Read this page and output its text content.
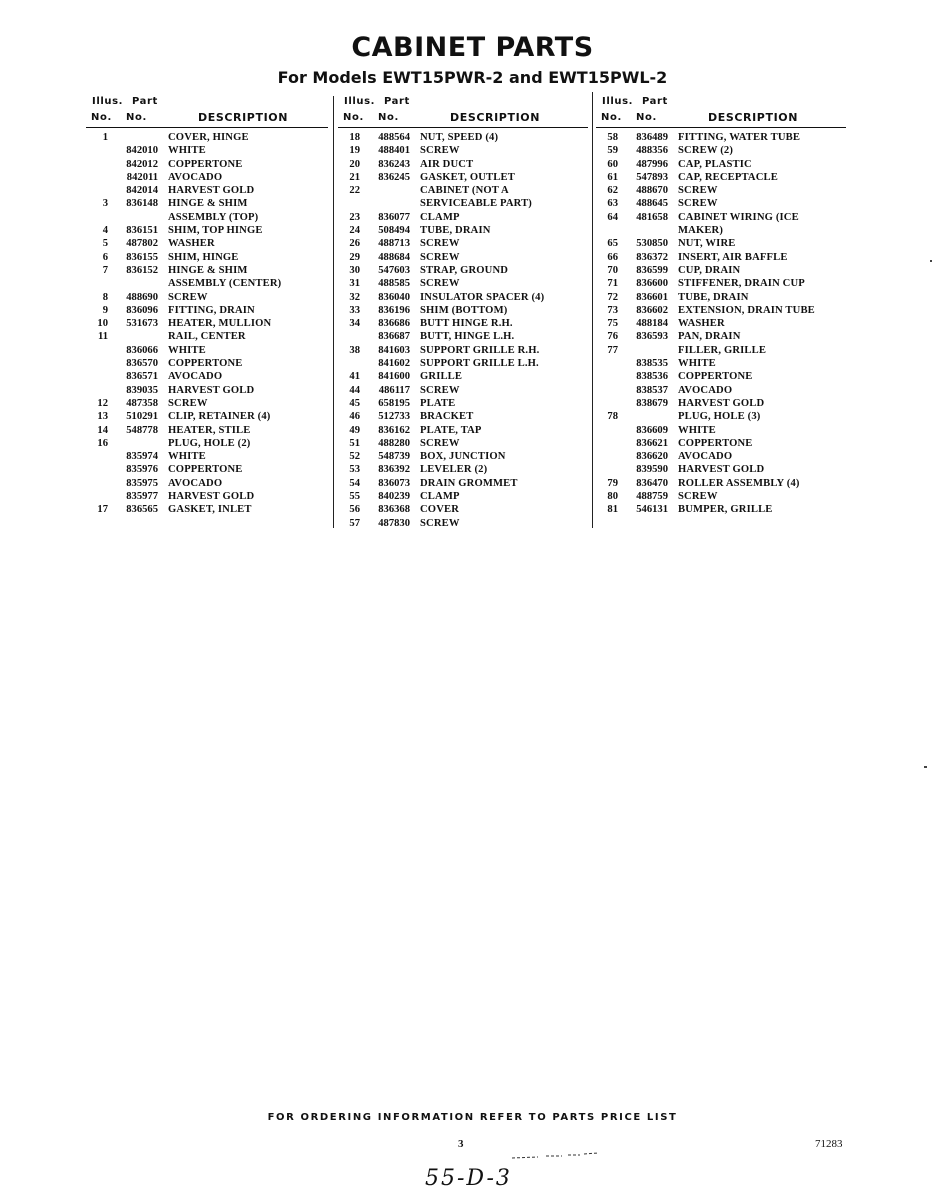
CABINET PARTS
For Models EWT15PWR-2 and EWT15PWL-2
Illus. Part
No. No.	DESCRIPTION
1	COVER, HINGE
842010 WHITE
842012 COPPERTONE
842011 AVOCADO
842014 HARVEST GOLD
3	836148 HINGE & SHIM
ASSEMBLY (TOP)
4	836151 SHIM, TOP HINGE
5	487802 WASHER
6	836155 SHIM, HINGE
7	836152 HINGE & SHIM
ASSEMBLY (CENTER)
8	488690 SCREW
9	836096 FITTING, DRAIN
10	531673 HEATER, MULLION
11	RAIL, CENTER
836066 WHITE
836570 COPPERTONE
836571 AVOCADO
839035 HARVEST GOLD
12	487358 SCREW
13	510291 CLIP, RETAINER (4)
14	548778 HEATER, STILE
16	PLUG, HOLE (2)
835974 WHITE
835976 COPPERTONE
835975 AVOCADO
835977 HARVEST GOLD
17	836565 GASKET, INLET
Illus. Part
No. No.	DESCRIPTION
18	488564 NUT, SPEED (4)
19	488401 SCREW
20	836243 AIR DUCT
21	836245 GASKET, OUTLET
22	CABINET (NOT A
SERVICEABLE PART)
23	836077 CLAMP
24	508494 TUBE, DRAIN
26	488713 SCREW
29	488684 SCREW
30	547603 STRAP, GROUND
31	488585 SCREW
32	836040 INSULATOR SPACER (4)
33	836196 SHIM (BOTTOM)
34	836686 BUTT HINGE R.H.
836687 BUTT, HINGE L.H.
38	841603 SUPPORT GRILLE R.H.
841602 SUPPORT GRILLE L.H.
41	841600 GRILLE
44	486117 SCREW
45	658195 PLATE
46	512733 BRACKET
49	836162 PLATE, TAP
51	488280 SCREW
52	548739 BOX, JUNCTION
53	836392 LEVELER (2)
54	836073 DRAIN GROMMET
55	840239 CLAMP
56	836368 COVER
57	487830 SCREW
Illus. Part
No. No.	DESCRIPTION
58	836489 FITTING, WATER TUBE
59	488356 SCREW (2)
60	487996 CAP, PLASTIC
61	547893 CAP, RECEPTACLE
62	488670 SCREW
63	488645 SCREW
64	481658 CABINET WIRING (ICE
MAKER)
65	530850 NUT, WIRE
66	836372 INSERT, AIR BAFFLE
70	836599 CUP, DRAIN
71	836600 STIFFENER, DRAIN CUP
72	836601 TUBE, DRAIN
73	836602 EXTENSION, DRAIN TUBE
75	488184 WASHER
76	836593 PAN, DRAIN
77	FILLER, GRILLE
838535 WHITE
838536 COPPERTONE
838537 AVOCADO
838679 HARVEST GOLD
78	PLUG, HOLE (3)
836609 WHITE
836621 COPPERTONE
836620 AVOCADO
839590 HARVEST GOLD
79	836470 ROLLER ASSEMBLY (4)
80	488759 SCREW
81	546131 BUMPER, GRILLE

FOR ORDERING INFORMATION REFER TO PARTS PRICE LIST

3	71283
55-D-3
